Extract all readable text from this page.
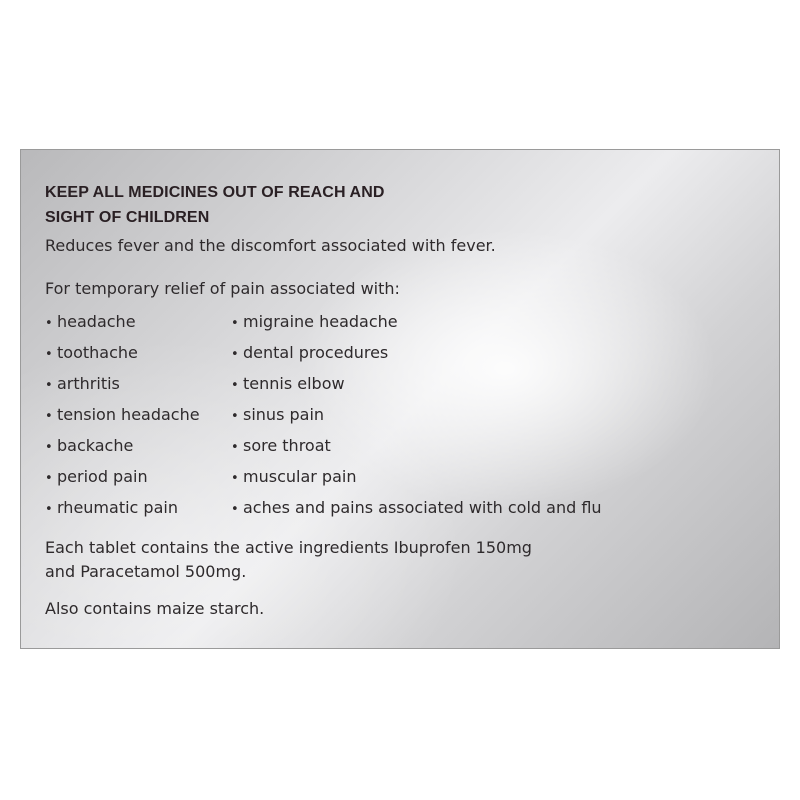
KEEP ALL MEDICINES OUT OF REACH AND
SIGHT OF CHILDREN

Reduces fever and the discomfort associated with fever.

For temporary relief of pain associated with:

• headache
• toothache
• arthritis
• tension headache
• backache
• period pain
• rheumatic pain
• migraine headache
• dental procedures
• tennis elbow
• sinus pain
• sore throat
• muscular pain
• aches and pains associated with cold and flu

Each tablet contains the active ingredients Ibuprofen 150mg
and Paracetamol 500mg.

Also contains maize starch.
